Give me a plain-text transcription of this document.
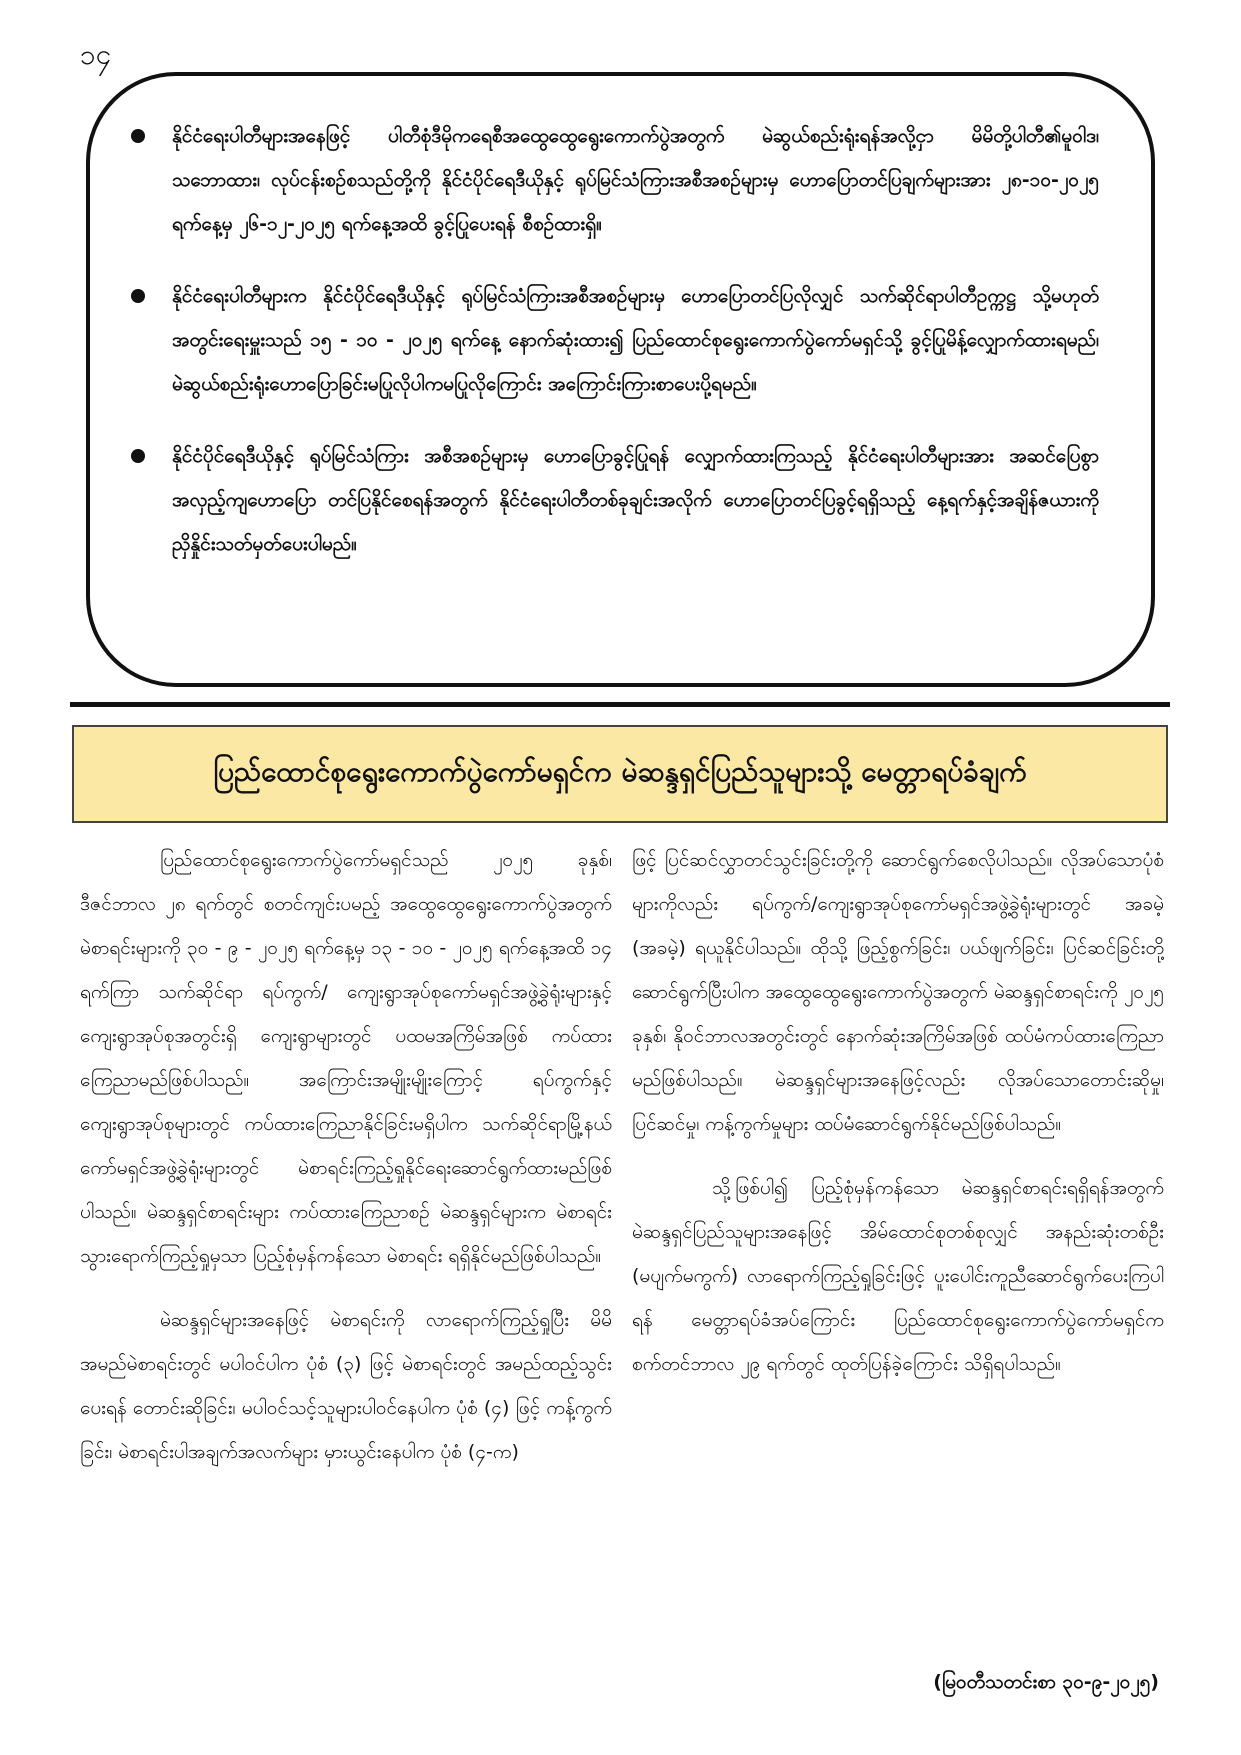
၁၄
နိုင်ငံရေးပါတီများအနေဖြင့် ပါတီစုံဒီမိုကရေစီအထွေထွေရွေးကောက်ပွဲအတွက် မဲဆွယ်စည်းရုံးရန်အလို့ငှာ မိမိတို့ပါတီ၏မူဝါဒ၊ သဘောထား၊ လုပ်ငန်းစဉ်စသည်တို့ကို နိုင်ငံပိုင်ရေဒီယိုနှင့် ရုပ်မြင်သံကြားအစီအစဉ်များမှ ဟောပြောတင်ပြချက်များအား ၂၈-၁၀-၂၀၂၅ ရက်နေ့မှ ၂၆-၁၂-၂၀၂၅ ရက်နေ့အထိ ခွင့်ပြုပေးရန် စီစဉ်ထားရှိ။
နိုင်ငံရေးပါတီများက နိုင်ငံပိုင်ရေဒီယိုနှင့် ရုပ်မြင်သံကြားအစီအစဉ်များမှ ဟောပြောတင်ပြလိုလျှင် သက်ဆိုင်ရာပါတီဥက္ကဋ္ဌ သို့မဟုတ် အတွင်းရေးမှူးသည် ၁၅ - ၁၀ - ၂၀၂၅ ရက်နေ့ နောက်ဆုံးထား၍ ပြည်ထောင်စုရွေးကောက်ပွဲကော်မရှင်သို့ ခွင့်ပြုမိန့်လျှောက်ထားရမည်၊ မဲဆွယ်စည်းရုံးဟောပြောခြင်းမပြုလိုပါကမပြုလိုကြောင်း အကြောင်းကြားစာပေးပို့ရမည်။
နိုင်ငံပိုင်ရေဒီယိုနှင့် ရုပ်မြင်သံကြား အစီအစဉ်များမှ ဟောပြောခွင့်ပြုရန် လျှောက်ထားကြသည့် နိုင်ငံရေးပါတီများအား အဆင်ပြေစွာ အလှည့်ကျဟောပြော တင်ပြနိုင်စေရန်အတွက် နိုင်ငံရေးပါတီတစ်ခုချင်းအလိုက် ဟောပြောတင်ပြခွင့်ရရှိသည့် နေ့ရက်နှင့်အချိန်ဇယားကို ညှိနှိုင်းသတ်မှတ်ပေးပါမည်။
ပြည်ထောင်စုရွေးကောက်ပွဲကော်မရှင်က မဲဆန္ဒရှင်ပြည်သူများသို့ မေတ္တာရပ်ခံချက်

ပြည်ထောင်စုရွေးကောက်ပွဲကော်မရှင်သည် ၂၀၂၅ ခုနှစ်၊ ဒီဇင်ဘာလ ၂၈ ရက်တွင် စတင်ကျင်းပမည့် အထွေထွေရွေးကောက်ပွဲအတွက် မဲစာရင်းများကို ၃၀ - ၉ - ၂၀၂၅ ရက်နေ့မှ ၁၃ - ၁၀ - ၂၀၂၅ ရက်နေ့အထိ ၁၄ ရက်ကြာ သက်ဆိုင်ရာ ရပ်ကွက်/ ကျေးရွာအုပ်စုကော်မရှင်အဖွဲ့ခွဲရုံးများနှင့် ကျေးရွာအုပ်စုအတွင်းရှိ ကျေးရွာများတွင် ပထမအကြိမ်အဖြစ် ကပ်ထားကြေညာမည်ဖြစ်ပါသည်။ အကြောင်းအမျိုးမျိုးကြောင့် ရပ်ကွက်နှင့် ကျေးရွာအုပ်စုများတွင် ကပ်ထားကြေညာနိုင်ခြင်းမရှိပါက သက်ဆိုင်ရာမြို့နယ် ကော်မရှင်အဖွဲ့ခွဲရုံးများတွင် မဲစာရင်းကြည့်ရှုနိုင်ရေးဆောင်ရွက်ထားမည်ဖြစ်ပါသည်။ မဲဆန္ဒရှင်စာရင်းများ ကပ်ထားကြေညာစဉ် မဲဆန္ဒရှင်များက မဲစာရင်းသွားရောက်ကြည့်ရှုမှသာ ပြည့်စုံမှန်ကန်သော မဲစာရင်း ရရှိနိုင်မည်ဖြစ်ပါသည်။

မဲဆန္ဒရှင်များအနေဖြင့် မဲစာရင်းကို လာရောက်ကြည့်ရှုပြီး မိမိအမည်မဲစာရင်းတွင် မပါဝင်ပါက ပုံစံ (၃) ဖြင့် မဲစာရင်းတွင် အမည်ထည့်သွင်းပေးရန် တောင်းဆိုခြင်း၊ မပါဝင်သင့်သူများပါဝင်နေပါက ပုံစံ (၄) ဖြင့် ကန့်ကွက်ခြင်း၊ မဲစာရင်းပါအချက်အလက်များ မှားယွင်းနေပါက ပုံစံ (၄-က)

ဖြင့် ပြင်ဆင်လွှာတင်သွင်းခြင်းတို့ကို ဆောင်ရွက်စေလိုပါသည်။ လိုအပ်သောပုံစံများကိုလည်း ရပ်ကွက်/ကျေးရွာအုပ်စုကော်မရှင်အဖွဲ့ခွဲရုံးများတွင် အခမဲ့ (အခမဲ့) ရယူနိုင်ပါသည်။ ထိုသို့ ဖြည့်စွက်ခြင်း၊ ပယ်ဖျက်ခြင်း၊ ပြင်ဆင်ခြင်းတို့ ဆောင်ရွက်ပြီးပါက အထွေထွေရွေးကောက်ပွဲအတွက် မဲဆန္ဒရှင်စာရင်းကို ၂၀၂၅ ခုနှစ်၊ နိုဝင်ဘာလအတွင်းတွင် နောက်ဆုံးအကြိမ်အဖြစ် ထပ်မံကပ်ထားကြေညာမည်ဖြစ်ပါသည်။ မဲဆန္ဒရှင်များအနေဖြင့်လည်း လိုအပ်သောတောင်းဆိုမှု၊ ပြင်ဆင်မှု၊ ကန့်ကွက်မှုများ ထပ်မံဆောင်ရွက်နိုင်မည်ဖြစ်ပါသည်။

သို့ဖြစ်ပါ၍ ပြည့်စုံမှန်ကန်သော မဲဆန္ဒရှင်စာရင်းရရှိရန်အတွက် မဲဆန္ဒရှင်ပြည်သူများအနေဖြင့် အိမ်ထောင်စုတစ်စုလျှင် အနည်းဆုံးတစ်ဦး (မပျက်မကွက်) လာရောက်ကြည့်ရှုခြင်းဖြင့် ပူးပေါင်းကူညီဆောင်ရွက်ပေးကြပါရန် မေတ္တာရပ်ခံအပ်ကြောင်း ပြည်ထောင်စုရွေးကောက်ပွဲကော်မရှင်က စက်တင်ဘာလ ၂၉ ရက်တွင် ထုတ်ပြန်ခဲ့ကြောင်း သိရှိရပါသည်။

(မြဝတီသတင်းစာ ၃၀-၉-၂၀၂၅)
